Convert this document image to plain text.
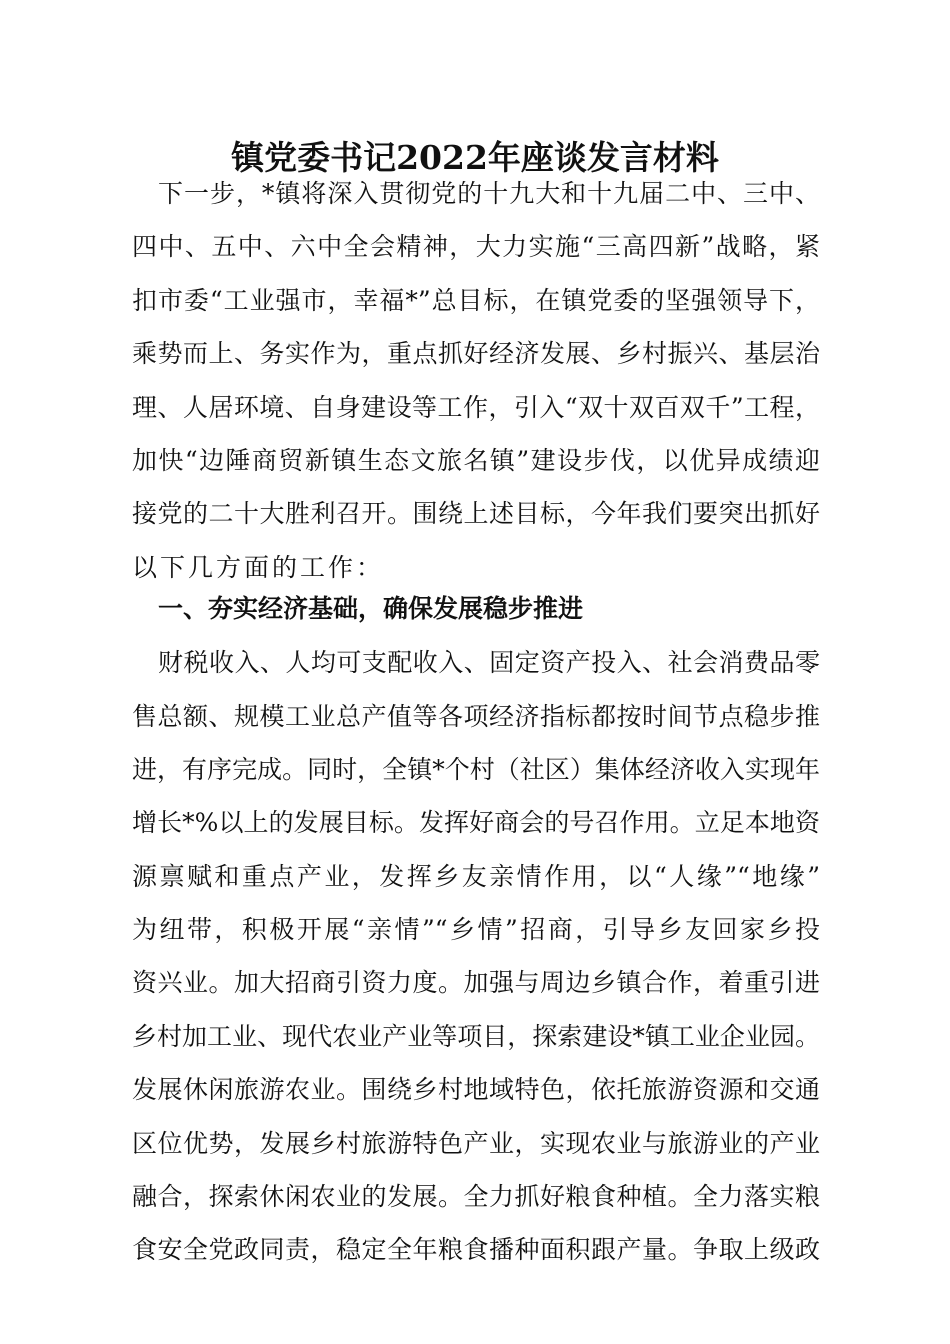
镇党委书记2022年座谈发言材料
下一步，*镇将深入贯彻党的十九大和十九届二中、三中、
四中、五中、六中全会精神，大力实施“三高四新”战略，紧
扣市委“工业强市，幸福*”总目标，在镇党委的坚强领导下，
乘势而上、务实作为，重点抓好经济发展、乡村振兴、基层治
理、人居环境、自身建设等工作，引入“双十双百双千”工程，
加快“边陲商贸新镇生态文旅名镇”建设步伐，以优异成绩迎
接党的二十大胜利召开。围绕上述目标，今年我们要突出抓好
以下几方面的工作：
一、夯实经济基础，确保发展稳步推进
财税收入、人均可支配收入、固定资产投入、社会消费品零
售总额、规模工业总产值等各项经济指标都按时间节点稳步推
进，有序完成。同时，全镇*个村（社区）集体经济收入实现年
增长*%以上的发展目标。发挥好商会的号召作用。立足本地资
源禀赋和重点产业，发挥乡友亲情作用，以“人缘”“地缘”
为纽带，积极开展“亲情”“乡情”招商，引导乡友回家乡投
资兴业。加大招商引资力度。加强与周边乡镇合作，着重引进
乡村加工业、现代农业产业等项目，探索建设*镇工业企业园。
发展休闲旅游农业。围绕乡村地域特色，依托旅游资源和交通
区位优势，发展乡村旅游特色产业，实现农业与旅游业的产业
融合，探索休闲农业的发展。全力抓好粮食种植。全力落实粮
食安全党政同责，稳定全年粮食播种面积跟产量。争取上级政
